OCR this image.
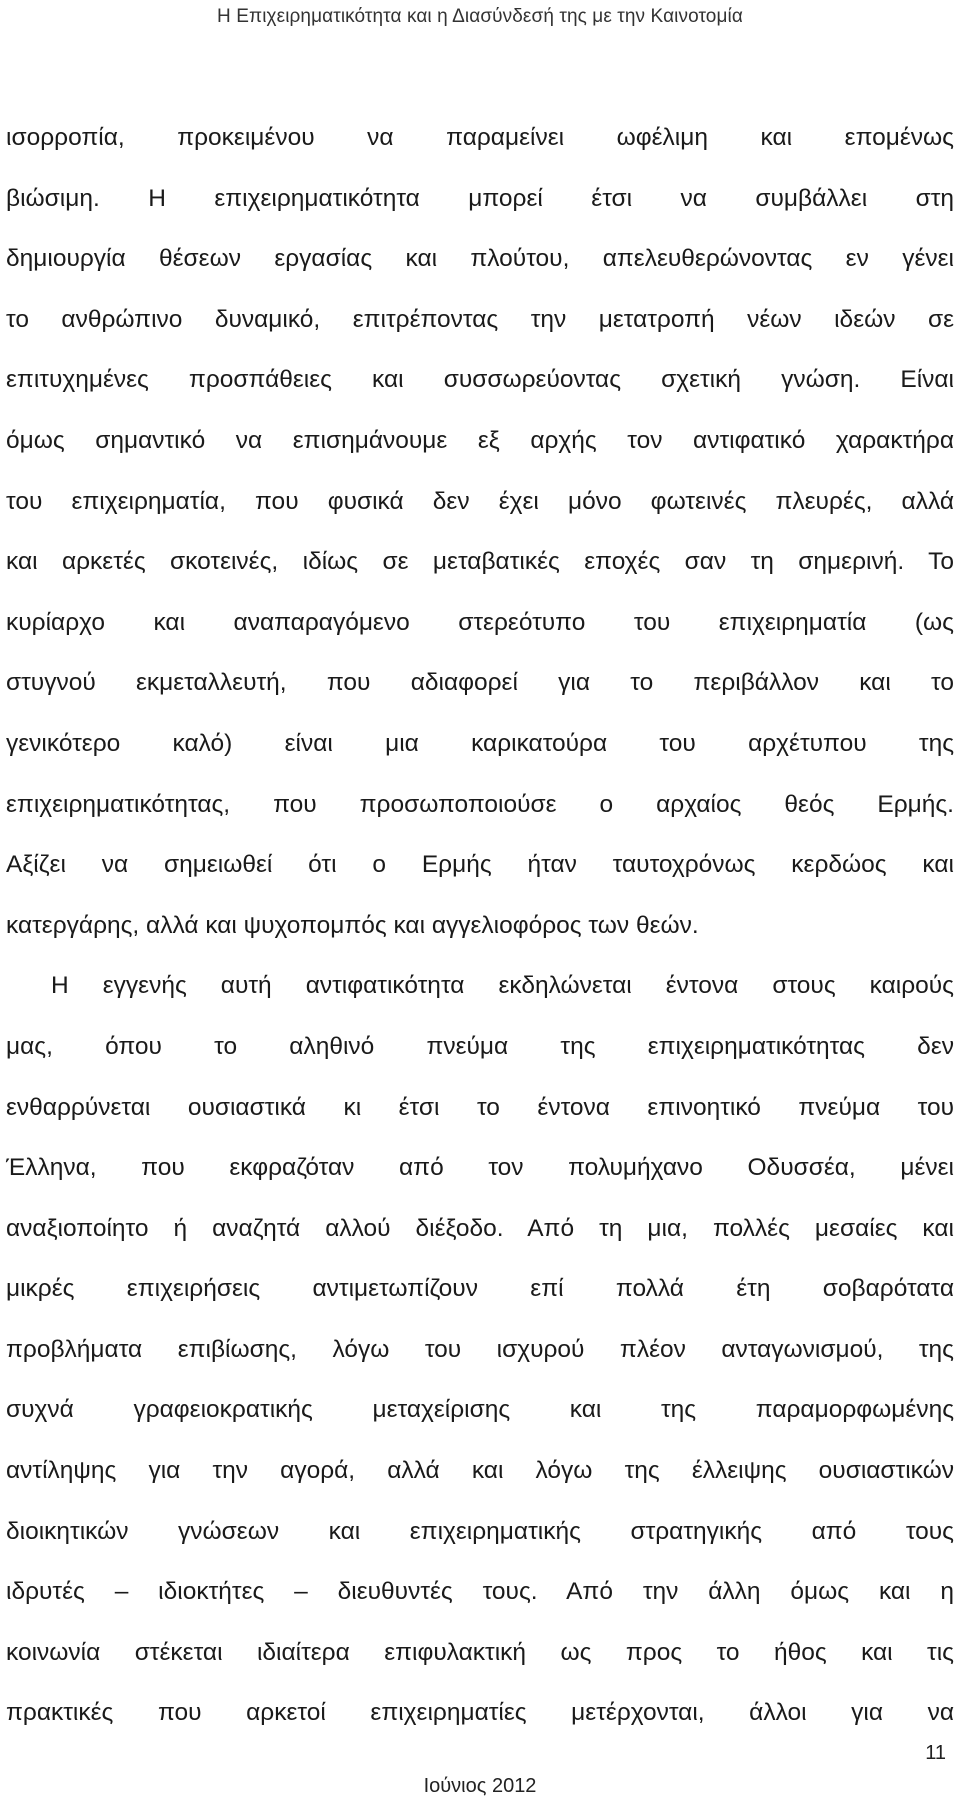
Η Επιχειρηματικότητα και η Διασύνδεσή της με την Καινοτομία
ισορροπία, προκειμένου να παραμείνει ωφέλιμη και επομένως
βιώσιμη. Η επιχειρηματικότητα μπορεί έτσι να συμβάλλει στη
δημιουργία θέσεων εργασίας και πλούτου, απελευθερώνοντας εν γένει
το ανθρώπινο δυναμικό, επιτρέποντας την μετατροπή νέων ιδεών σε
επιτυχημένες προσπάθειες και συσσωρεύοντας σχετική γνώση. Είναι
όμως σημαντικό να επισημάνουμε εξ αρχής τον αντιφατικό χαρακτήρα
του επιχειρηματία, που φυσικά δεν έχει μόνο φωτεινές πλευρές, αλλά
και αρκετές σκοτεινές, ιδίως σε μεταβατικές εποχές σαν τη σημερινή. Το
κυρίαρχο και αναπαραγόμενο στερεότυπο του επιχειρηματία (ως
στυγνού εκμεταλλευτή, που αδιαφορεί για το περιβάλλον και το
γενικότερο καλό) είναι μια καρικατούρα του αρχέτυπου της
επιχειρηματικότητας, που προσωποποιούσε ο αρχαίος θεός Ερμής.
Αξίζει να σημειωθεί ότι ο Ερμής ήταν ταυτοχρόνως κερδώος και
κατεργάρης, αλλά και ψυχοπομπός και αγγελιοφόρος των θεών.
Η εγγενής αυτή αντιφατικότητα εκδηλώνεται έντονα στους καιρούς
μας, όπου το αληθινό πνεύμα της επιχειρηματικότητας δεν
ενθαρρύνεται ουσιαστικά κι έτσι το έντονα επινοητικό πνεύμα του
Έλληνα, που εκφραζόταν από τον πολυμήχανο Οδυσσέα, μένει
αναξιοποίητο ή αναζητά αλλού διέξοδο. Από τη μια, πολλές μεσαίες και
μικρές επιχειρήσεις αντιμετωπίζουν επί πολλά έτη σοβαρότατα
προβλήματα επιβίωσης, λόγω του ισχυρού πλέον ανταγωνισμού, της
συχνά γραφειοκρατικής μεταχείρισης και της παραμορφωμένης
αντίληψης για την αγορά, αλλά και λόγω της έλλειψης ουσιαστικών
διοικητικών γνώσεων και επιχειρηματικής στρατηγικής από τους
ιδρυτές – ιδιοκτήτες – διευθυντές τους. Από την άλλη όμως και η
κοινωνία στέκεται ιδιαίτερα επιφυλακτική ως προς το ήθος και τις
πρακτικές που αρκετοί επιχειρηματίες μετέρχονται, άλλοι για να
11
Ιούνιος 2012
